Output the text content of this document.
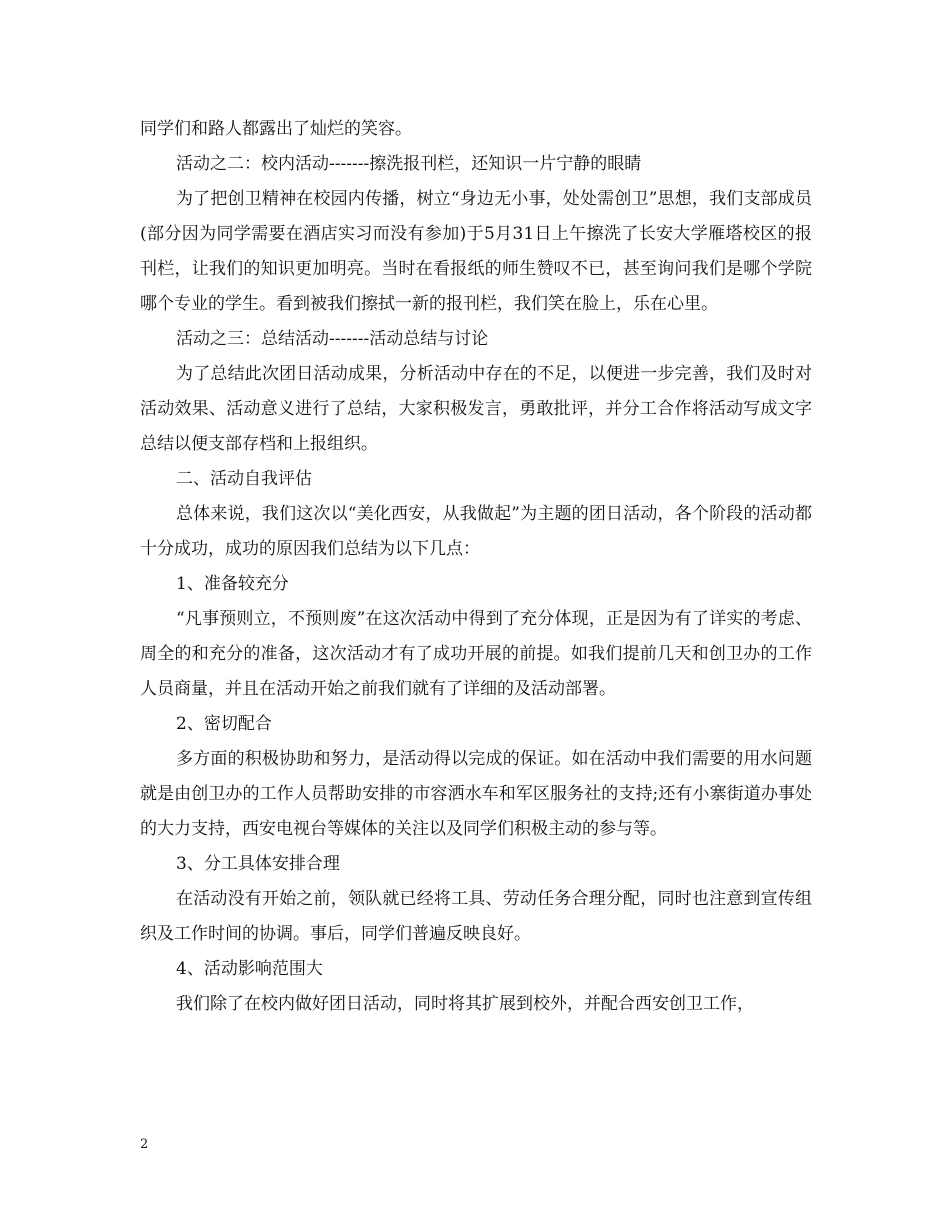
同学们和路人都露出了灿烂的笑容。

活动之二：校内活动-------擦洗报刊栏，还知识一片宁静的眼睛

为了把创卫精神在校园内传播，树立“身边无小事，处处需创卫”思想，我们支部成员(部分因为同学需要在酒店实习而没有参加)于5月31日上午擦洗了长安大学雁塔校区的报刊栏，让我们的知识更加明亮。当时在看报纸的师生赞叹不已，甚至询问我们是哪个学院哪个专业的学生。看到被我们擦拭一新的报刊栏，我们笑在脸上，乐在心里。

活动之三：总结活动-------活动总结与讨论

为了总结此次团日活动成果，分析活动中存在的不足，以便进一步完善，我们及时对活动效果、活动意义进行了总结，大家积极发言，勇敢批评，并分工合作将活动写成文字总结以便支部存档和上报组织。

二、活动自我评估

总体来说，我们这次以“美化西安，从我做起”为主题的团日活动，各个阶段的活动都十分成功，成功的原因我们总结为以下几点：

1、准备较充分

“凡事预则立，不预则废”在这次活动中得到了充分体现，正是因为有了详实的考虑、周全的和充分的准备，这次活动才有了成功开展的前提。如我们提前几天和创卫办的工作人员商量，并且在活动开始之前我们就有了详细的及活动部署。

2、密切配合

多方面的积极协助和努力，是活动得以完成的保证。如在活动中我们需要的用水问题就是由创卫办的工作人员帮助安排的市容洒水车和军区服务社的支持;还有小寨街道办事处的大力支持，西安电视台等媒体的关注以及同学们积极主动的参与等。

3、分工具体安排合理

在活动没有开始之前，领队就已经将工具、劳动任务合理分配，同时也注意到宣传组织及工作时间的协调。事后，同学们普遍反映良好。

4、活动影响范围大

我们除了在校内做好团日活动，同时将其扩展到校外，并配合西安创卫工作，

2
